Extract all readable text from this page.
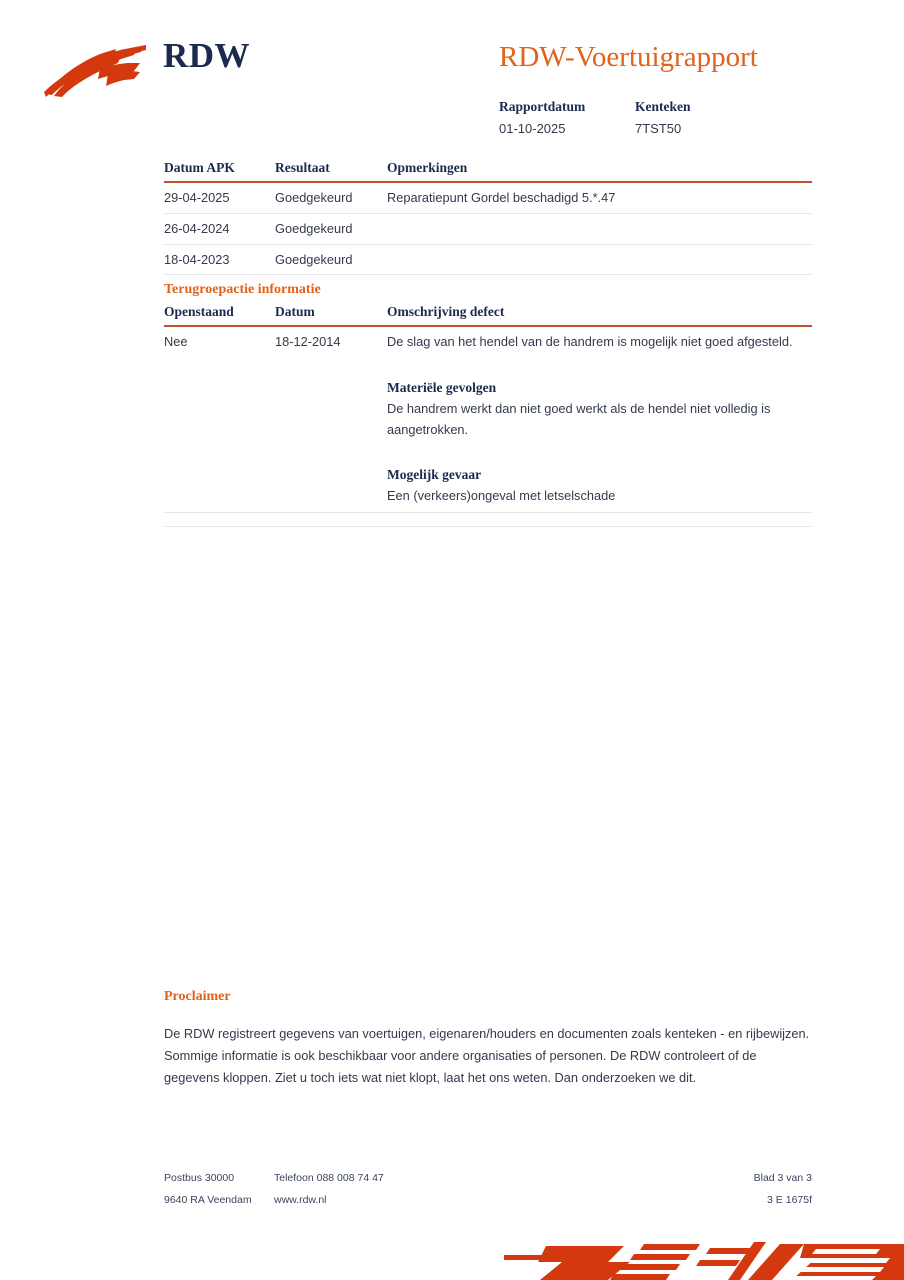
RDW	RDW-Voertuigrapport
Rapportdatum	Kenteken
01-10-2025	7TST50
Datum APK	Resultaat	Opmerkingen
29-04-2025	Goedgekeurd	Reparatiepunt Gordel beschadigd 5.*.47
26-04-2024	Goedgekeurd	
18-04-2023	Goedgekeurd	
Terugroepactie informatie
Openstaand	Datum	Omschrijving defect
Nee	18-12-2014	De slag van het hendel van de handrem is mogelijk niet goed afgesteld.

Materiële gevolgen

De handrem werkt dan niet goed werkt als de hendel niet volledig is aangetrokken.

Mogelijk gevaar

Een (verkeers)ongeval met letselschade

Proclaimer

De RDW registreert gegevens van voertuigen, eigenaren/houders en documenten zoals kenteken - en rijbewijzen. Sommige informatie is ook beschikbaar voor andere organisaties of personen. De RDW controleert of de gegevens kloppen. Ziet u toch iets wat niet klopt, laat het ons weten. Dan onderzoeken we dit.

Postbus 30000	Telefoon 088 008 74 47	Blad 3 van 3
9640 RA Veendam	www.rdw.nl	3 E 1675f
